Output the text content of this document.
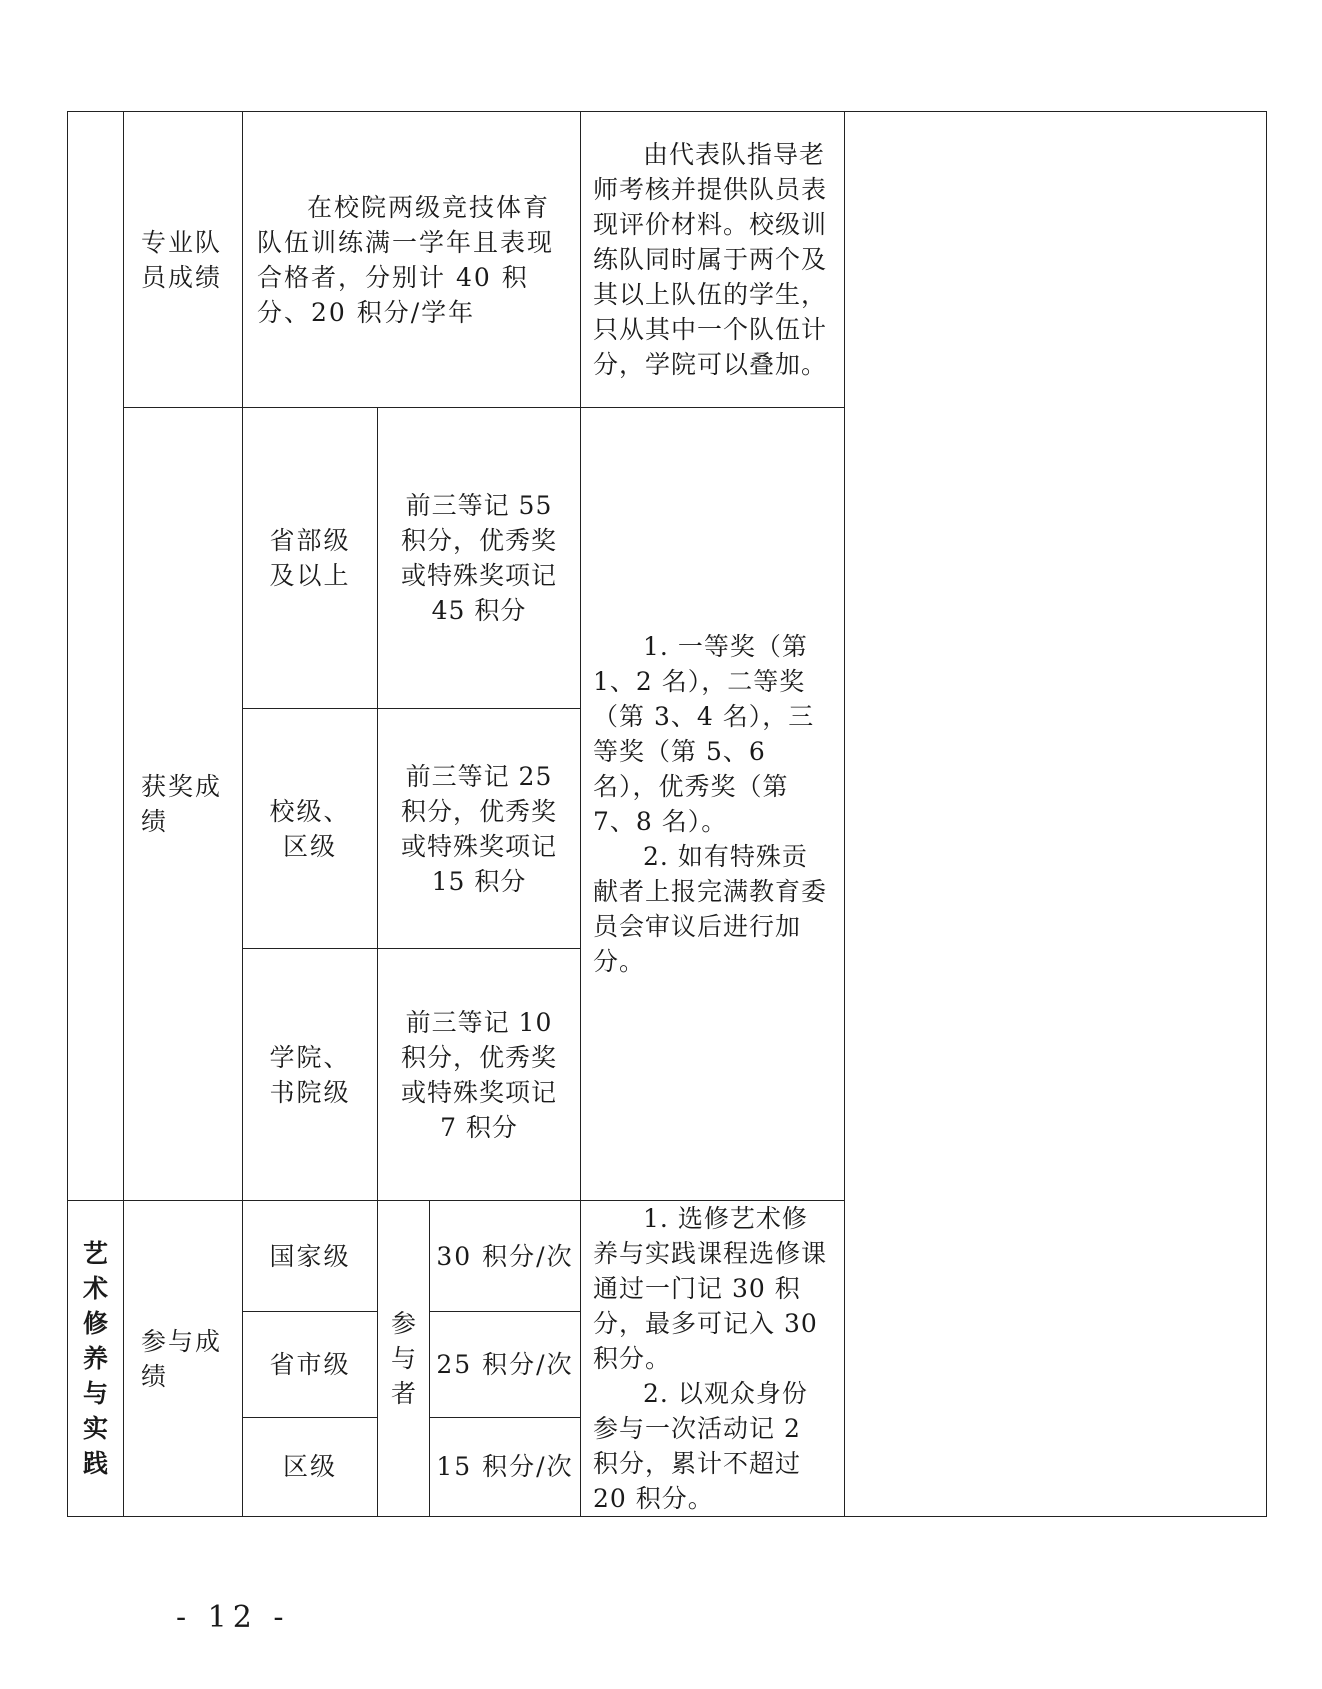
	专业队员成绩	在校院两级竞技体育队伍训练满一学年且表现合格者，分别计 40 积分、20 积分/学年			由代表队指导老师考核并提供队员表现评价材料。校级训练队同时属于两个及其以上队伍的学生，只从其中一个队伍计分，学院可以叠加。	

	获奖成绩	省部级及以上	前三等记 55 积分，优秀奖或特殊奖项记 45 积分		1. 一等奖（第 1、2 名），二等奖（第 3、4 名），三等奖（第 5、6 名），优秀奖（第 7、8 名）。
2. 如有特殊贡献者上报完满教育委员会审议后进行加分。	

		校级、区级	前三等记 25 积分，优秀奖或特殊奖项记 15 积分			
		学院、书院级	前三等记 10 积分，优秀奖或特殊奖项记 7 积分			
艺术修养与实践	参与成绩	国家级	参与者	30 积分/次	1. 选修艺术修养与实践课程选修课通过一门记 30 积分，最多可记入 30 积分。
2. 以观众身份参与一次活动记 2 积分，累计不超过 20 积分。	

		省市级		25 积分/次		
		区级		15 积分/次		
- 12 -
